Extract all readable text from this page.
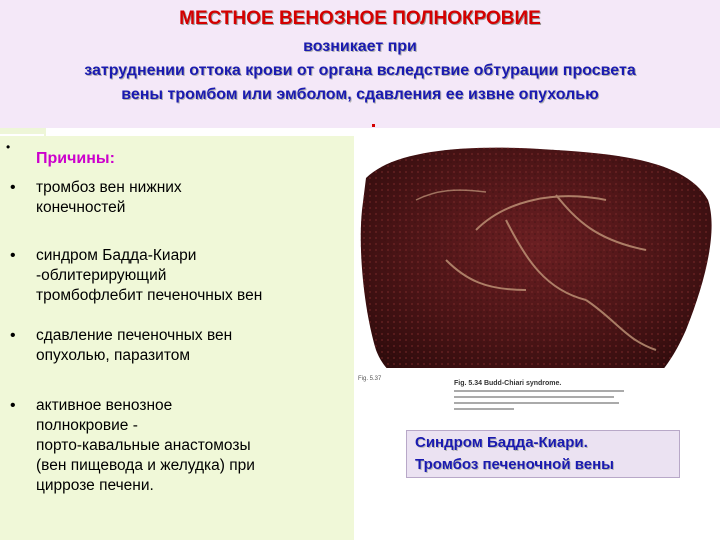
МЕСТНОЕ ВЕНОЗНОЕ ПОЛНОКРОВИЕ
возникает при
затруднении оттока крови от органа вследствие обтурации просвета
вены тромбом или эмболом, сдавления ее извне опухолью
•
Причины:
• тромбоз вен нижних
конечностей
• синдром Бадда-Киари
-облитерирующий
тромбофлебит печеночных вен
• сдавление печеночных вен
опухолью, паразитом
• активное венозное
полнокровие -
порто-кавальные анастомозы
(вен пищевода и желудка) при
циррозе печени.
Fig. 5.37
Fig. 5.34 Budd-Chiari syndrome.
Синдром Бадда-Киари.
Тромбоз печеночной вены
